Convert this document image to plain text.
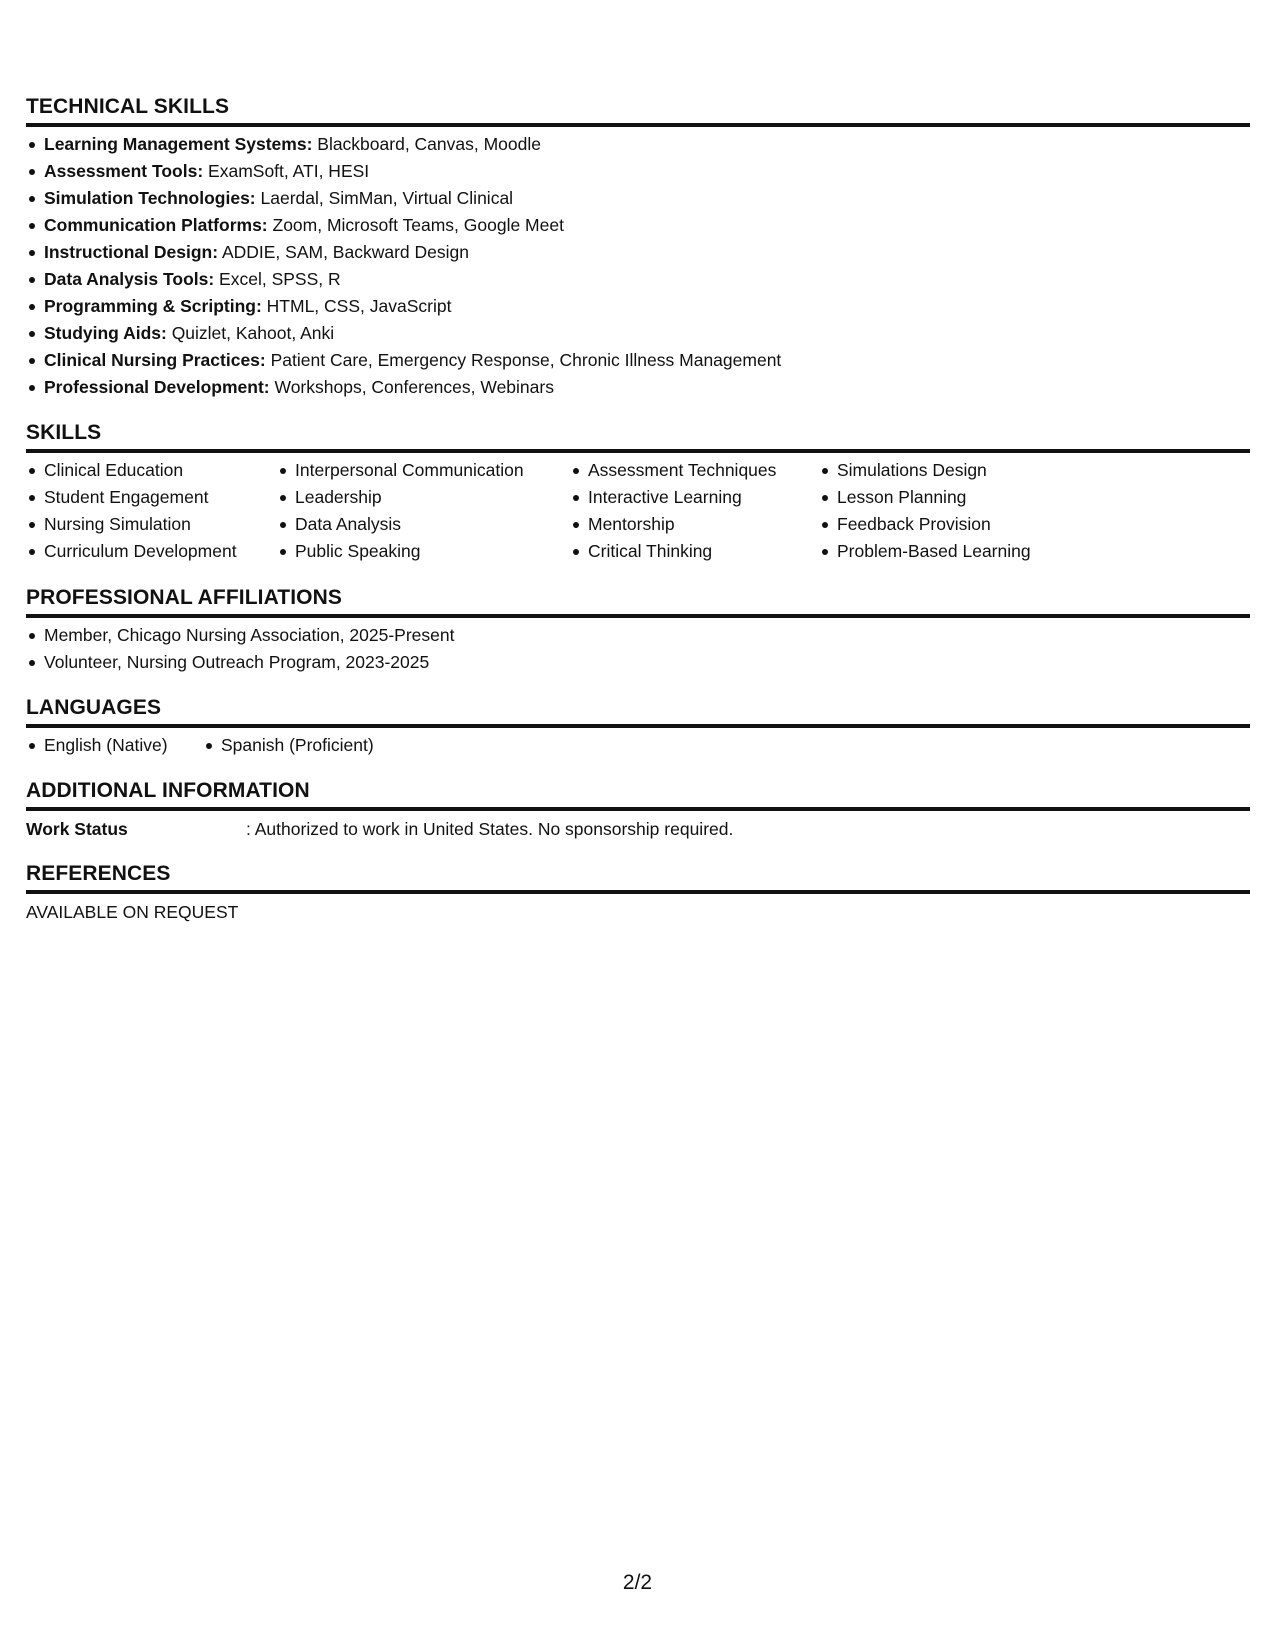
TECHNICAL SKILLS
Learning Management Systems: Blackboard, Canvas, Moodle
Assessment Tools: ExamSoft, ATI, HESI
Simulation Technologies: Laerdal, SimMan, Virtual Clinical
Communication Platforms: Zoom, Microsoft Teams, Google Meet
Instructional Design: ADDIE, SAM, Backward Design
Data Analysis Tools: Excel, SPSS, R
Programming & Scripting: HTML, CSS, JavaScript
Studying Aids: Quizlet, Kahoot, Anki
Clinical Nursing Practices: Patient Care, Emergency Response, Chronic Illness Management
Professional Development: Workshops, Conferences, Webinars
SKILLS
Clinical Education
Student Engagement
Nursing Simulation
Curriculum Development
Interpersonal Communication
Leadership
Data Analysis
Public Speaking
Assessment Techniques
Interactive Learning
Mentorship
Critical Thinking
Simulations Design
Lesson Planning
Feedback Provision
Problem-Based Learning
PROFESSIONAL AFFILIATIONS
Member, Chicago Nursing Association, 2025-Present
Volunteer, Nursing Outreach Program, 2023-2025
LANGUAGES
English (Native)	Spanish (Proficient)
ADDITIONAL INFORMATION
Work Status	: Authorized to work in United States. No sponsorship required.
REFERENCES
AVAILABLE ON REQUEST
2/2
